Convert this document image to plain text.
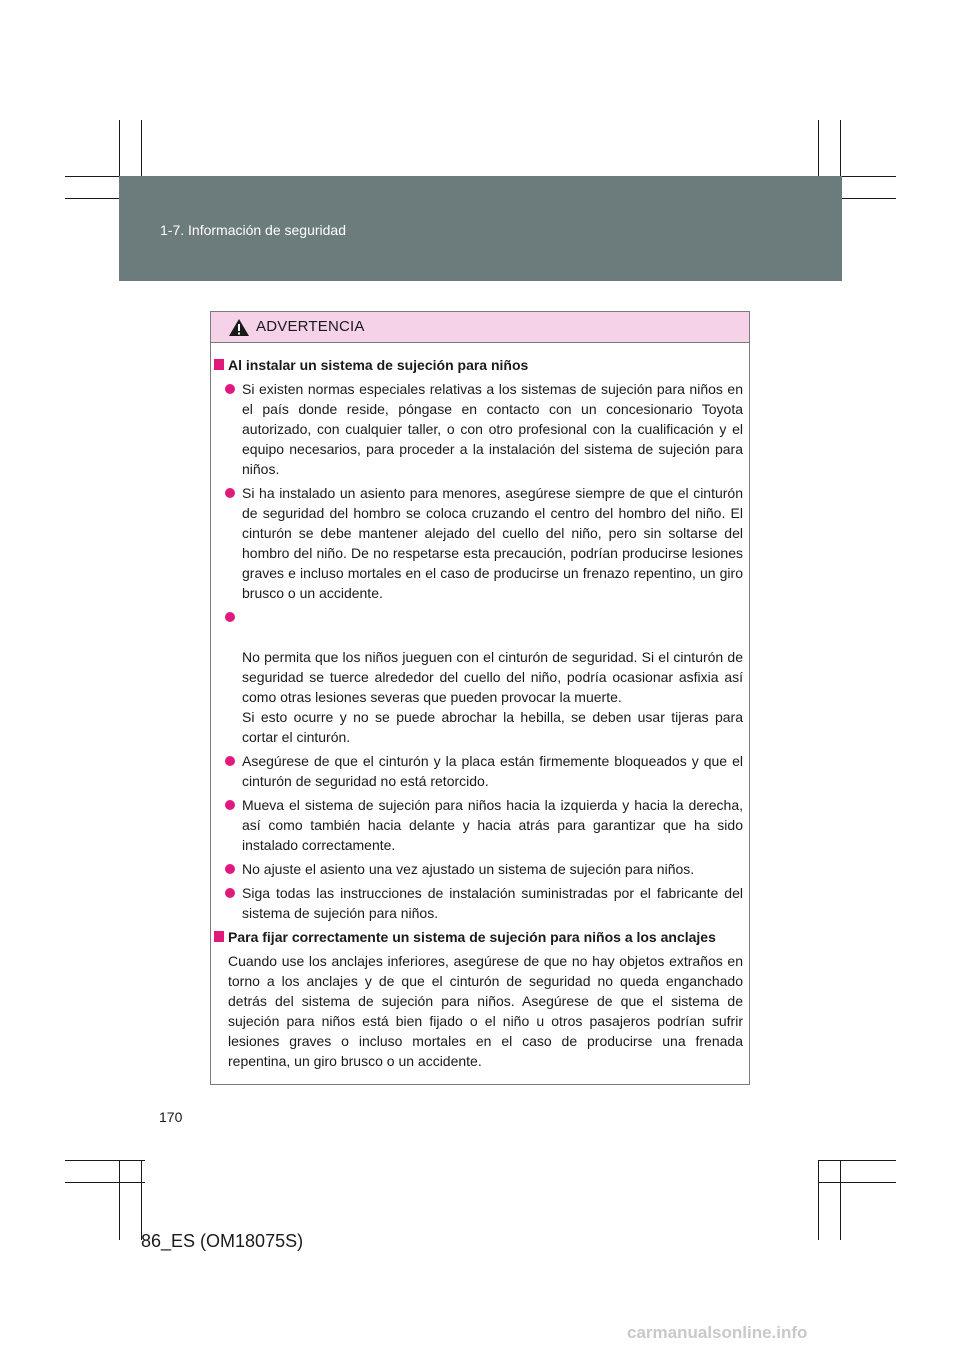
1-7. Información de seguridad
ADVERTENCIA
Al instalar un sistema de sujeción para niños
Si existen normas especiales relativas a los sistemas de sujeción para niños en el país donde reside, póngase en contacto con un concesionario Toyota autorizado, con cualquier taller, o con otro profesional con la cualificación y el equipo necesarios, para proceder a la instalación del sistema de sujeción para niños.
Si ha instalado un asiento para menores, asegúrese siempre de que el cinturón de seguridad del hombro se coloca cruzando el centro del hombro del niño. El cinturón se debe mantener alejado del cuello del niño, pero sin soltarse del hombro del niño. De no respetarse esta precaución, podrían producirse lesiones graves e incluso mortales en el caso de producirse un frenazo repentino, un giro brusco o un accidente.

No permita que los niños jueguen con el cinturón de seguridad. Si el cinturón de seguridad se tuerce alrededor del cuello del niño, podría ocasionar asfixia así como otras lesiones severas que pueden provocar la muerte.
Si esto ocurre y no se puede abrochar la hebilla, se deben usar tijeras para cortar el cinturón.

Asegúrese de que el cinturón y la placa están firmemente bloqueados y que el cinturón de seguridad no está retorcido.
Mueva el sistema de sujeción para niños hacia la izquierda y hacia la derecha, así como también hacia delante y hacia atrás para garantizar que ha sido instalado correctamente.
No ajuste el asiento una vez ajustado un sistema de sujeción para niños.
Siga todas las instrucciones de instalación suministradas por el fabricante del sistema de sujeción para niños.
Para fijar correctamente un sistema de sujeción para niños a los anclajes
Cuando use los anclajes inferiores, asegúrese de que no hay objetos extraños en torno a los anclajes y de que el cinturón de seguridad no queda enganchado detrás del sistema de sujeción para niños. Asegúrese de que el sistema de sujeción para niños está bien fijado o el niño u otros pasajeros podrían sufrir lesiones graves o incluso mortales en el caso de producirse una frenada repentina, un giro brusco o un accidente.
170
86_ES (OM18075S)
carmanualsonline.info
